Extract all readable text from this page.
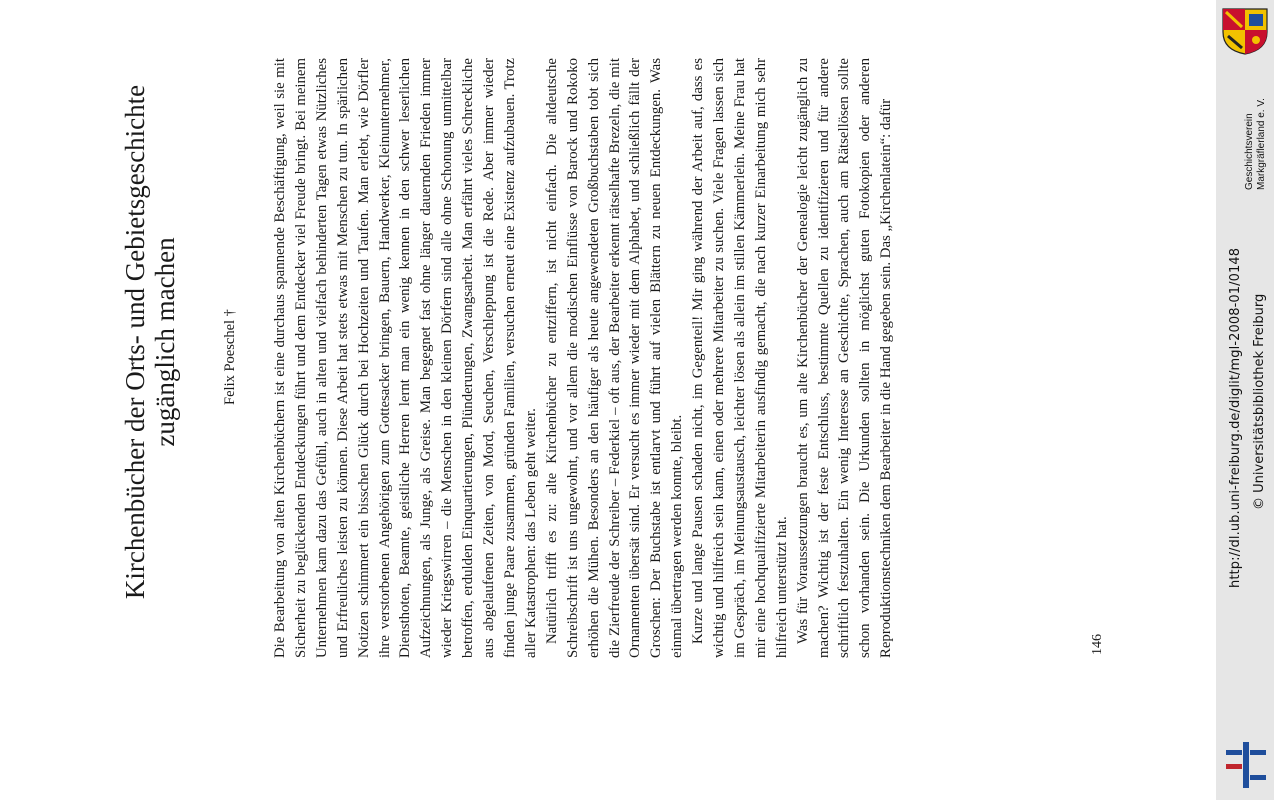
Kirchenbücher der Orts- und Gebietsgeschichte zugänglich machen	Felix Poeschel † Die Bearbeitung von alten Kirchenbüchern ist eine durchaus spannende Beschäftigung, weil sie mit Sicherheit zu beglückenden Entdeckungen führt und dem Entdecker viel Freude bringt. Bei meinem Unternehmen kam dazu das Gefühl, auch in alten und vielfach behinderten Tagen etwas Nützliches und Erfreuliches leisten zu können. Diese Arbeit hat stets etwas mit Menschen zu tun. In spärlichen Notizen schimmert ein bisschen Glück durch bei Hochzeiten und Taufen. Man erlebt, wie Dörfler ihre verstorbenen Angehörigen zum Gottesacker bringen, Bauern, Handwerker, Kleinunternehmer, Diensthoten, Beamte, geistliche Herren lernt man ein wenig kennen in den schwer leserlichen Aufzeichnungen, als Junge, als Greise. Man begegnet fast ohne länger dauernden Frieden immer wieder Kriegswirren – die Menschen in den kleinen Dörfern sind alle ohne Schonung unmittelbar betroffen, erdulden Einquartierungen, Plünderungen, Zwangsarbeit. Man erfährt vieles Schreckliche aus abgelaufenen Zeiten, von Mord, Seuchen, Verschleppung ist die Rede. Aber immer wieder finden junge Paare zusammen, gründen Familien, versuchen erneut eine Existenz aufzubauen. Trotz aller Katastrophen: das Leben geht weiter. Natürlich trifft es zu: alte Kirchenbücher zu entziffern, ist nicht einfach. Die altdeutsche Schreibschrift ist uns ungewohnt, und vor allem die modischen Einflüsse von Barock und Rokoko erhöhen die Mühen. Besonders an den häufiger als heute angewendeten Großbuchstaben tobt sich die Zierfreude der Schreiber – Federkiel – oft aus, der Bearbeiter erkennt rätselhafte Brezeln, die mit Ornamenten übersät sind. Er versucht es immer wieder mit dem Alphabet, und schließlich fällt der Groschen: Der Buchstabe ist entlarvt und führt auf vielen Blättern zu neuen Entdeckungen. Was einmal übertragen werden konnte, bleibt. Kurze und lange Pausen schaden nicht, im Gegenteil! Mir ging während der Arbeit auf, dass es wichtig und hilfreich sein kann, einen oder mehrere Mitarbeiter zu suchen. Viele Fragen lassen sich im Gespräch, im Meinungsaustausch, leichter lösen als allein im stillen Kämmerlein. Meine Frau hat mir eine hochqualifizierte Mitarbeiterin ausfindig gemacht, die nach kurzer Einarbeitung mich sehr hilfreich unterstützt hat. Was für Voraussetzungen braucht es, um alte Kirchenbücher der Genealogie leicht zugänglich zu machen? Wichtig ist der feste Entschluss, bestimmte Quellen zu identifizieren und für andere schriftlich festzuhalten. Ein wenig Interesse an Geschichte, Sprachen, auch am Rätsellösen sollte schon vorhanden sein. Die Urkunden sollten in möglichst guten Fotokopien oder anderen Reproduktionstechniken dem Bearbeiter in die Hand gegeben sein. Das „Kirchenlatein“: dafür	146
http://dl.ub.uni-freiburg.de/diglit/mgl-2008-01/0148 © Universitätsbibliothek Freiburg
Geschichtsverein Markgräflerland e. V.
